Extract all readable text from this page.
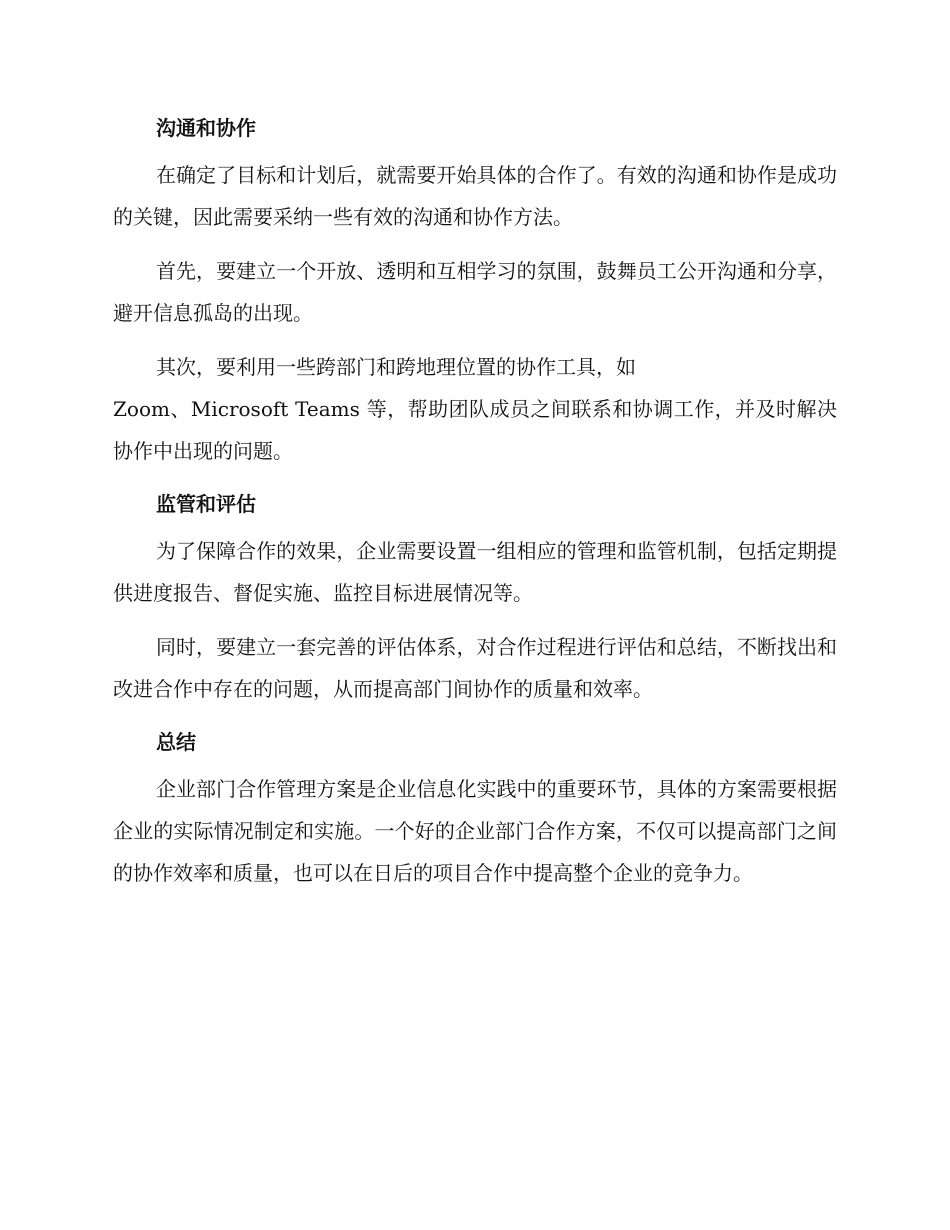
沟通和协作

在确定了目标和计划后，就需要开始具体的合作了。有效的沟通和协作是成功的关键，因此需要采纳一些有效的沟通和协作方法。

首先，要建立一个开放、透明和互相学习的氛围，鼓舞员工公开沟通和分享，避开信息孤岛的出现。

其次，要利用一些跨部门和跨地理位置的协作工具，如
Zoom、Microsoft Teams 等，帮助团队成员之间联系和协调工作，并及时解决协作中出现的问题。

监管和评估

为了保障合作的效果，企业需要设置一组相应的管理和监管机制，包括定期提供进度报告、督促实施、监控目标进展情况等。

同时，要建立一套完善的评估体系，对合作过程进行评估和总结，不断找出和改进合作中存在的问题，从而提高部门间协作的质量和效率。

总结

企业部门合作管理方案是企业信息化实践中的重要环节，具体的方案需要根据企业的实际情况制定和实施。一个好的企业部门合作方案，不仅可以提高部门之间的协作效率和质量，也可以在日后的项目合作中提高整个企业的竞争力。
